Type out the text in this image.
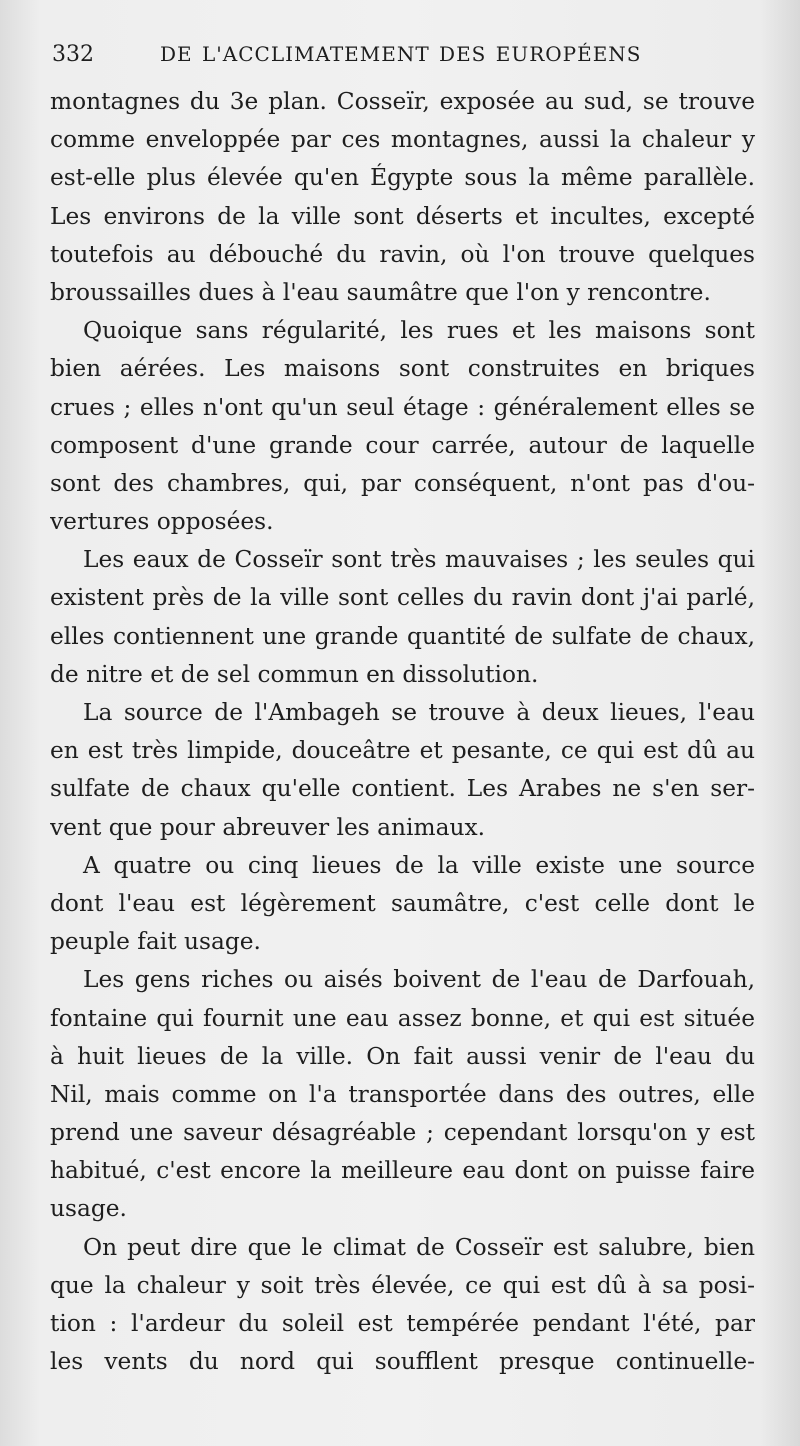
332	DE L'ACCLIMATEMENT DES EUROPÉENS
montagnes du 3e plan. Cosseïr, exposée au sud, se trouve
comme enveloppée par ces montagnes, aussi la chaleur y
est-elle plus élevée qu'en Égypte sous la même parallèle.
Les environs de la ville sont déserts et incultes, excepté
toutefois au débouché du ravin, où l'on trouve quelques
broussailles dues à l'eau saumâtre que l'on y rencontre.
Quoique sans régularité, les rues et les maisons sont
bien aérées. Les maisons sont construites en briques
crues ; elles n'ont qu'un seul étage : généralement elles se
composent d'une grande cour carrée, autour de laquelle
sont des chambres, qui, par conséquent, n'ont pas d'ou-
vertures opposées.
Les eaux de Cosseïr sont très mauvaises ; les seules qui
existent près de la ville sont celles du ravin dont j'ai parlé,
elles contiennent une grande quantité de sulfate de chaux,
de nitre et de sel commun en dissolution.
La source de l'Ambageh se trouve à deux lieues, l'eau
en est très limpide, douceâtre et pesante, ce qui est dû au
sulfate de chaux qu'elle contient. Les Arabes ne s'en ser-
vent que pour abreuver les animaux.
A quatre ou cinq lieues de la ville existe une source
dont l'eau est légèrement saumâtre, c'est celle dont le
peuple fait usage.
Les gens riches ou aisés boivent de l'eau de Darfouah,
fontaine qui fournit une eau assez bonne, et qui est située
à huit lieues de la ville. On fait aussi venir de l'eau du
Nil, mais comme on l'a transportée dans des outres, elle
prend une saveur désagréable ; cependant lorsqu'on y est
habitué, c'est encore la meilleure eau dont on puisse faire
usage.
On peut dire que le climat de Cosseïr est salubre, bien
que la chaleur y soit très élevée, ce qui est dû à sa posi-
tion : l'ardeur du soleil est tempérée pendant l'été, par
les vents du nord qui soufflent presque continuelle-
